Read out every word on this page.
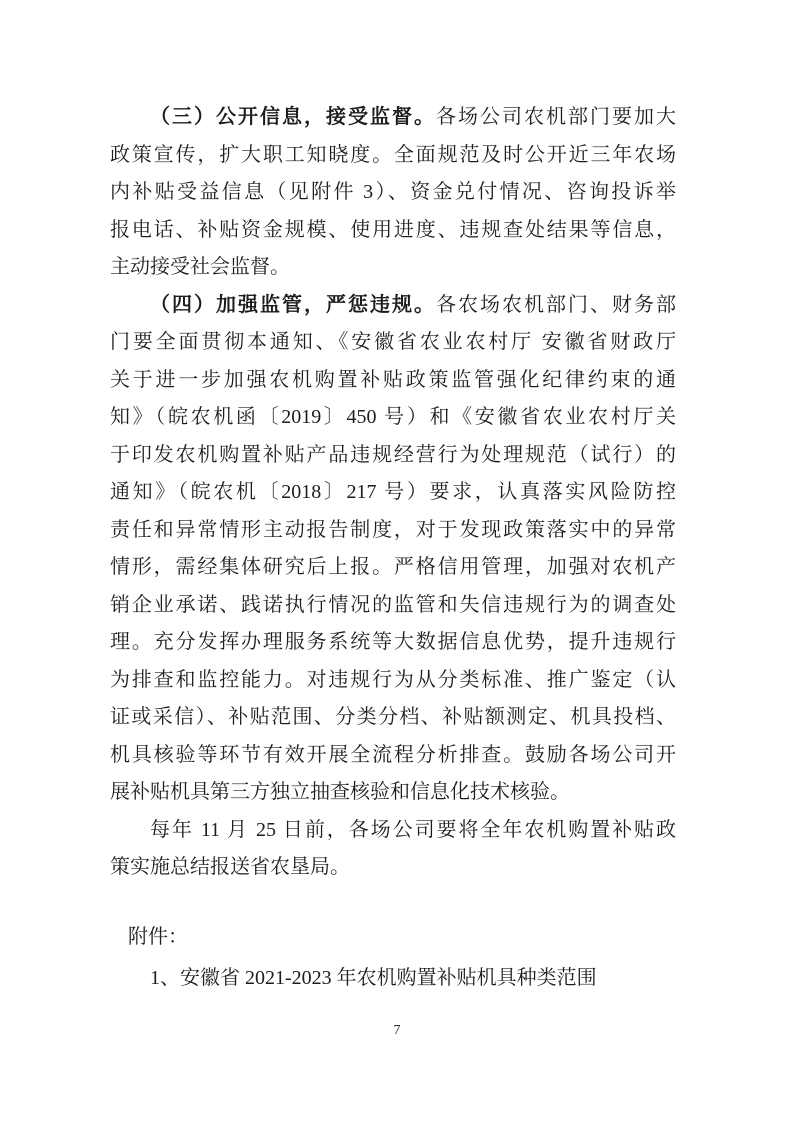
（三）公开信息，接受监督。各场公司农机部门要加大
政策宣传，扩大职工知晓度。全面规范及时公开近三年农场
内补贴受益信息（见附件 3）、资金兑付情况、咨询投诉举
报电话、补贴资金规模、使用进度、违规查处结果等信息，
主动接受社会监督。
（四）加强监管，严惩违规。各农场农机部门、财务部
门要全面贯彻本通知、《安徽省农业农村厅 安徽省财政厅
关于进一步加强农机购置补贴政策监管强化纪律约束的通
知》（皖农机函〔2019〕450 号）和《安徽省农业农村厅关
于印发农机购置补贴产品违规经营行为处理规范（试行）的
通知》（皖农机〔2018〕217 号）要求，认真落实风险防控
责任和异常情形主动报告制度，对于发现政策落实中的异常
情形，需经集体研究后上报。严格信用管理，加强对农机产
销企业承诺、践诺执行情况的监管和失信违规行为的调查处
理。充分发挥办理服务系统等大数据信息优势，提升违规行
为排查和监控能力。对违规行为从分类标准、推广鉴定（认
证或采信）、补贴范围、分类分档、补贴额测定、机具投档、
机具核验等环节有效开展全流程分析排查。鼓励各场公司开
展补贴机具第三方独立抽查核验和信息化技术核验。
每年 11 月 25 日前，各场公司要将全年农机购置补贴政
策实施总结报送省农垦局。
附件：
1、安徽省 2021-2023 年农机购置补贴机具种类范围
7
